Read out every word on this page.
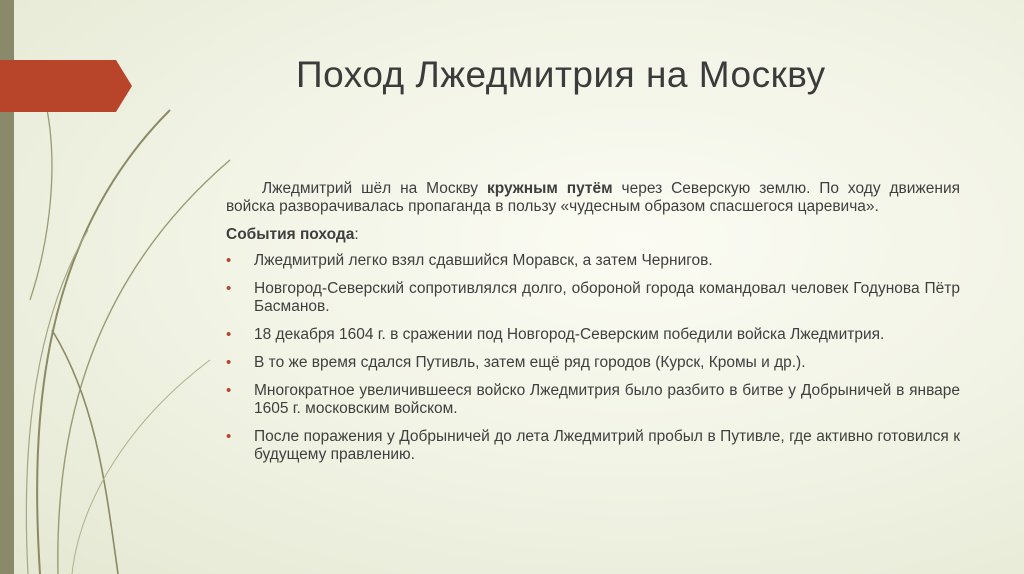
Поход Лжедмитрия на Москву

Лжедмитрий шёл на Москву кружным путём через Северскую землю. По ходу движения войска разворачивалась пропаганда в пользу «чудесным образом спасшегося царевича».

События похода:

• Лжедмитрий легко взял сдавшийся Моравск, а затем Чернигов.
• Новгород-Северский сопротивлялся долго, обороной города командовал человек Годунова Пётр Басманов.
• 18 декабря 1604 г. в сражении под Новгород-Северским победили войска Лжедмитрия.
• В то же время сдался Путивль, затем ещё ряд городов (Курск, Кромы и др.).
• Многократное увеличившееся войско Лжедмитрия было разбито в битве у Добрыничей в январе 1605 г. московским войском.
• После поражения у Добрыничей до лета Лжедмитрий пробыл в Путивле, где активно готовился к будущему правлению.
